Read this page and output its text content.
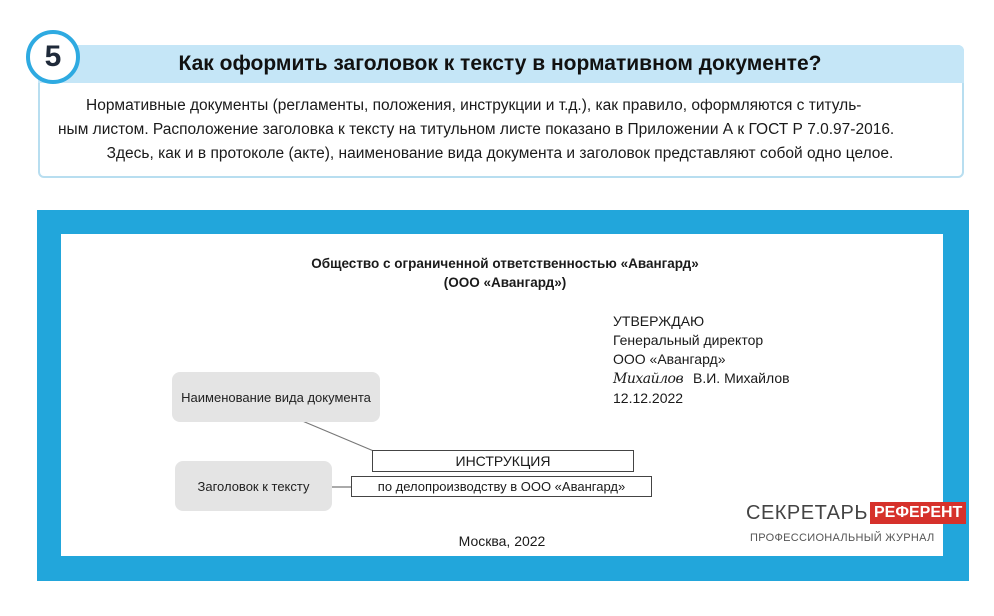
Как оформить заголовок к тексту в нормативном документе?
5
Нормативные документы (регламенты, положения, инструкции и т.д.), как правило, оформляются с титуль-
ным листом. Расположение заголовка к тексту на титульном листе показано в Приложении А к ГОСТ Р 7.0.97-2016.
Здесь, как и в протоколе (акте), наименование вида документа и заголовок представляют собой одно целое.
Общество с ограниченной ответственностью «Авангард»
(ООО «Авангард»)
УТВЕРЖДАЮ
Генеральный директор
ООО «Авангард»
Михайлов В.И. Михайлов
12.12.2022
Наименование вида документа
Заголовок к тексту
ИНСТРУКЦИЯ
по делопроизводству в ООО «Авангард»
Москва, 2022
СЕКРЕТАРЬ РЕФЕРЕНТ
ПРОФЕССИОНАЛЬНЫЙ ЖУРНАЛ
